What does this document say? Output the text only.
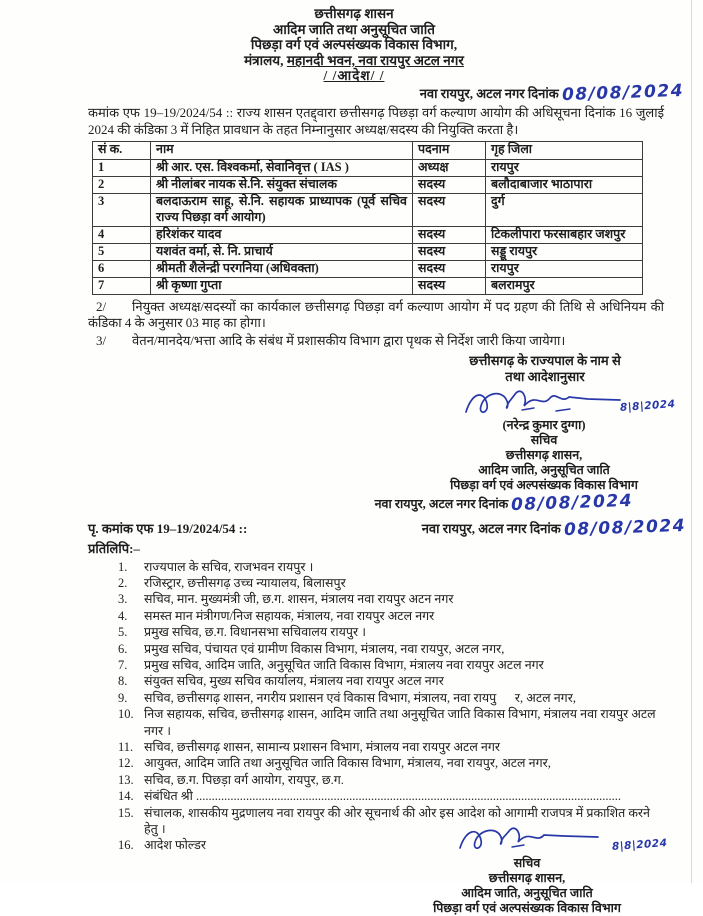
छत्तीसगढ़ शासन
आदिम जाति तथा अनुसूचित जाति
पिछड़ा वर्ग एवं अल्पसंख्यक विकास विभाग,
मंत्रालय, महानदी भवन, नवा रायपुर अटल नगर
/ /आदेश/ /
नवा रायपुर, अटल नगर दिनांक 08/08/2024
कमांक एफ 19–19/2024/54 :: राज्य शासन एतद्द्वारा छत्तीसगढ़ पिछड़ा वर्ग कल्याण आयोग की अधिसूचना दिनांक 16 जुलाई 2024 की कंडिका 3 में निहित प्रावधान के तहत निम्नानुसार अध्यक्ष/सदस्य की नियुक्ति करता है।
सं क.	नाम	पदनाम	गृह जिला
1	श्री आर. एस. विश्वकर्मा, सेवानिवृत्त ( IAS )	अध्यक्ष	रायपुर
2	श्री नीलांबर नायक से.नि. संयुक्त संचालक	सदस्य	बलौदाबाजार भाठापारा
3	बलदाऊराम साहू, से.नि. सहायक प्राध्यापक (पूर्व सचिव राज्य पिछड़ा वर्ग आयोग)	सदस्य	दुर्ग
4	हरिशंकर यादव	सदस्य	टिकलीपारा फरसाबहार जशपुर
5	यशवंत वर्मा, से. नि. प्राचार्य	सदस्य	सड्डू रायपुर
6	श्रीमती शैलेन्द्री परगनिया (अधिवक्ता)	सदस्य	रायपुर
7	श्री कृष्णा गुप्ता	सदस्य	बलरामपुर
2/ नियुक्त अध्यक्ष/सदस्यों का कार्यकाल छत्तीसगढ़ पिछड़ा वर्ग कल्याण आयोग में पद ग्रहण की तिथि से अधिनियम की कंडिका 4 के अनुसार 03 माह का होगा।
3/ वेतन/मानदेय/भत्ता आदि के संबंध में प्रशासकीय विभाग द्वारा पृथक से निर्देश जारी किया जायेगा।
छत्तीसगढ़ के राज्यपाल के नाम से
तथा आदेशानुसार
8|8|2024
(नरेन्द्र कुमार दुग्गा)
सचिव
छत्तीसगढ़ शासन,
आदिम जाति, अनुसूचित जाति
पिछड़ा वर्ग एवं अल्पसंख्यक विकास विभाग
नवा रायपुर, अटल नगर दिनांक 08/08/2024
पृ. कमांक एफ 19–19/2024/54 ::	नवा रायपुर, अटल नगर दिनांक 08/08/2024
प्रतिलिपि:–
1.	राज्यपाल के सचिव, राजभवन रायपुर ।
2.	रजिस्ट्रार, छत्तीसगढ़ उच्च न्यायालय, बिलासपुर
3.	सचिव, मान. मुख्यमंत्री जी, छ.ग. शासन, मंत्रालय नवा रायपुर अटन नगर
4.	समस्त मान मंत्रीगण/निज सहायक, मंत्रालय, नवा रायपुर अटल नगर
5.	प्रमुख सचिव, छ.ग. विधानसभा सचिवालय रायपुर ।
6.	प्रमुख सचिव, पंचायत एवं ग्रामीण विकास विभाग, मंत्रालय, नवा रायपुर, अटल नगर,
7.	प्रमुख सचिव, आदिम जाति, अनुसूचित जाति विकास विभाग, मंत्रालय नवा रायपुर अटल नगर
8.	संयुक्त सचिव, मुख्य सचिव कार्यालय, मंत्रालय नवा रायपुर अटल नगर
9.	सचिव, छत्तीसगढ़ शासन, नगरीय प्रशासन एवं विकास विभाग, मंत्रालय, नवा रायपु      र, अटल नगर,
10. निज सहायक, सचिव, छत्तीसगढ़ शासन, आदिम जाति तथा अनुसूचित जाति विकास विभाग, मंत्रालय नवा रायपुर अटल नगर ।
11. सचिव, छत्तीसगढ़ शासन, सामान्य प्रशासन विभाग, मंत्रालय नवा रायपुर अटल नगर
12. आयुक्त, आदिम जाति तथा अनुसूचित जाति विकास विभाग, मंत्रालय, नवा रायपुर, अटल नगर,
13. सचिव, छ.ग. पिछड़ा वर्ग आयोग, रायपुर, छ.ग.
14. संबंधित श्री ........................................................................................................................................
15. संचालक, शासकीय मुद्रणालय नवा रायपुर की ओर सूचनार्थ की ओर इस आदेश को आगामी राजपत्र में प्रकाशित करने हेतु ।
16. आदेश फोल्डर	8|8|2024
सचिव
छत्तीसगढ़ शासन,
आदिम जाति, अनुसूचित जाति
पिछड़ा वर्ग एवं अल्पसंख्यक विकास विभाग
